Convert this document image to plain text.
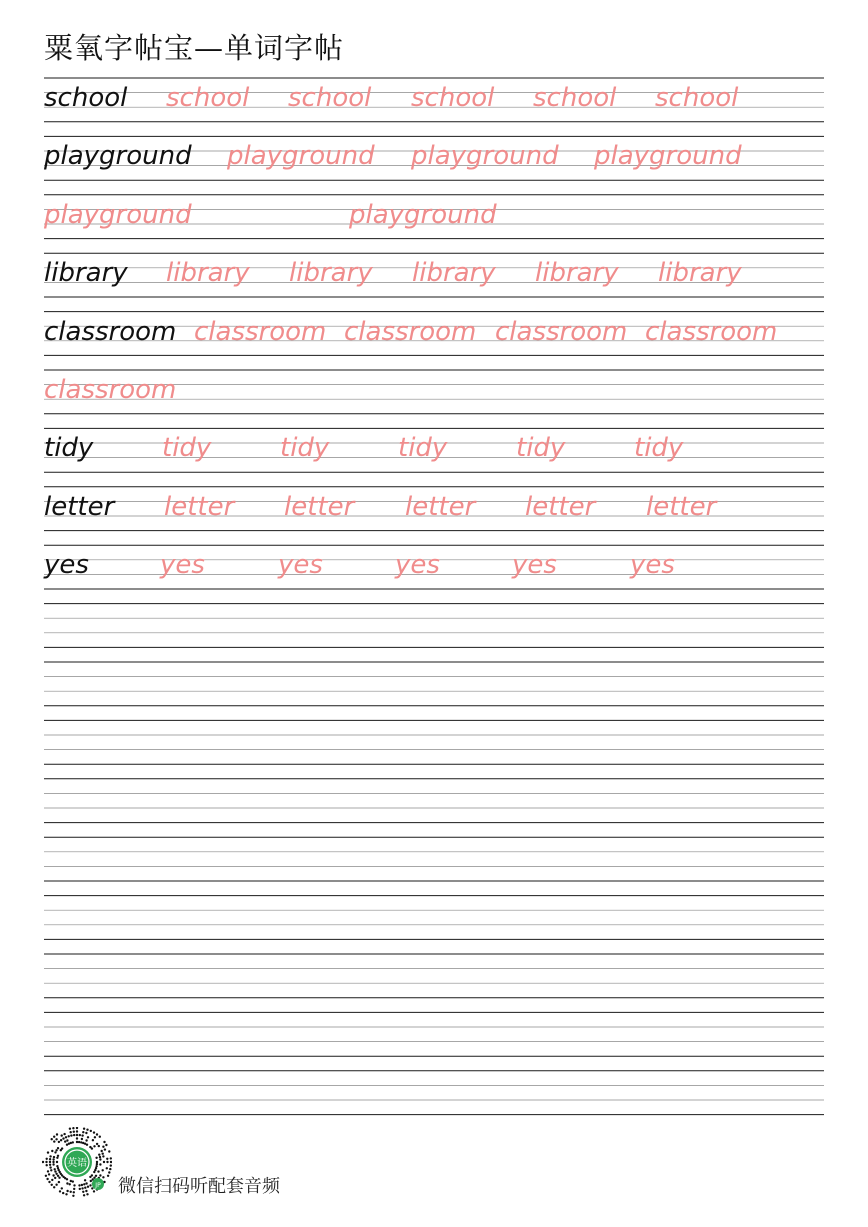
粟氧字帖宝—单词字帖
school school school school school school
playground playground playground playground
playground	playground
library library library library library library
classroom classroom classroom classroom classroom
classroom
tidy	tidy	tidy	tidy	tidy	tidy
letter letter letter letter letter letter
yes	yes	yes	yes	yes	yes
英语
JP 微信扫码听配套音频
